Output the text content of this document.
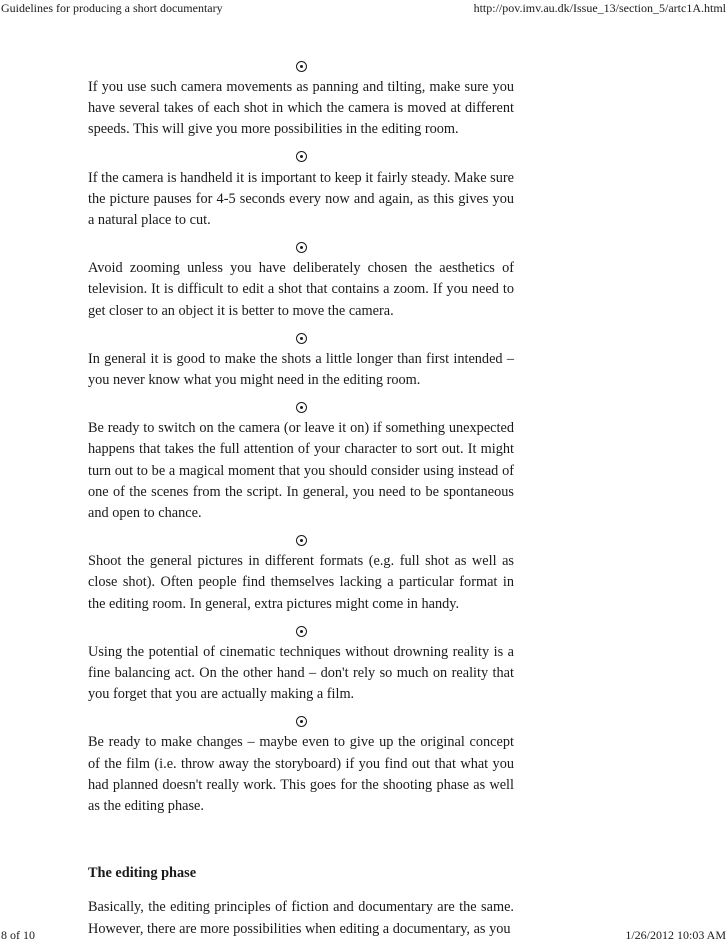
Guidelines for producing a short documentary	http://pov.imv.au.dk/Issue_13/section_5/artc1A.html

If you use such camera movements as panning and tilting, make sure you have several takes of each shot in which the camera is moved at different speeds. This will give you more possibilities in the editing room.

If the camera is handheld it is important to keep it fairly steady. Make sure the picture pauses for 4-5 seconds every now and again, as this gives you a natural place to cut.

Avoid zooming unless you have deliberately chosen the aesthetics of television. It is difficult to edit a shot that contains a zoom. If you need to get closer to an object it is better to move the camera.

In general it is good to make the shots a little longer than first intended – you never know what you might need in the editing room.

Be ready to switch on the camera (or leave it on) if something unexpected happens that takes the full attention of your character to sort out. It might turn out to be a magical moment that you should consider using instead of one of the scenes from the script. In general, you need to be spontaneous and open to chance.

Shoot the general pictures in different formats (e.g. full shot as well as close shot). Often people find themselves lacking a particular format in the editing room. In general, extra pictures might come in handy.

Using the potential of cinematic techniques without drowning reality is a fine balancing act. On the other hand – don't rely so much on reality that you forget that you are actually making a film.

Be ready to make changes – maybe even to give up the original concept of the film (i.e. throw away the storyboard) if you find out that what you had planned doesn't really work. This goes for the shooting phase as well as the editing phase.

The editing phase

Basically, the editing principles of fiction and documentary are the same. However, there are more possibilities when editing a documentary, as you

8 of 10	1/26/2012 10:03 AM
